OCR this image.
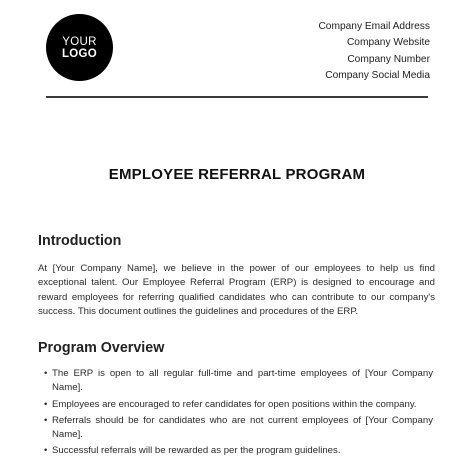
YOUR
LOGO
Company Email Address
Company Website
Company Number
Company Social Media
EMPLOYEE REFERRAL PROGRAM
Introduction
At [Your Company Name], we believe in the power of our employees to help us find exceptional talent. Our Employee Referral Program (ERP) is designed to encourage and reward employees for referring qualified candidates who can contribute to our company's success. This document outlines the guidelines and procedures of the ERP.
Program Overview
• The ERP is open to all regular full-time and part-time employees of [Your Company Name].
• Employees are encouraged to refer candidates for open positions within the company.
• Referrals should be for candidates who are not current employees of [Your Company Name].
• Successful referrals will be rewarded as per the program guidelines.
